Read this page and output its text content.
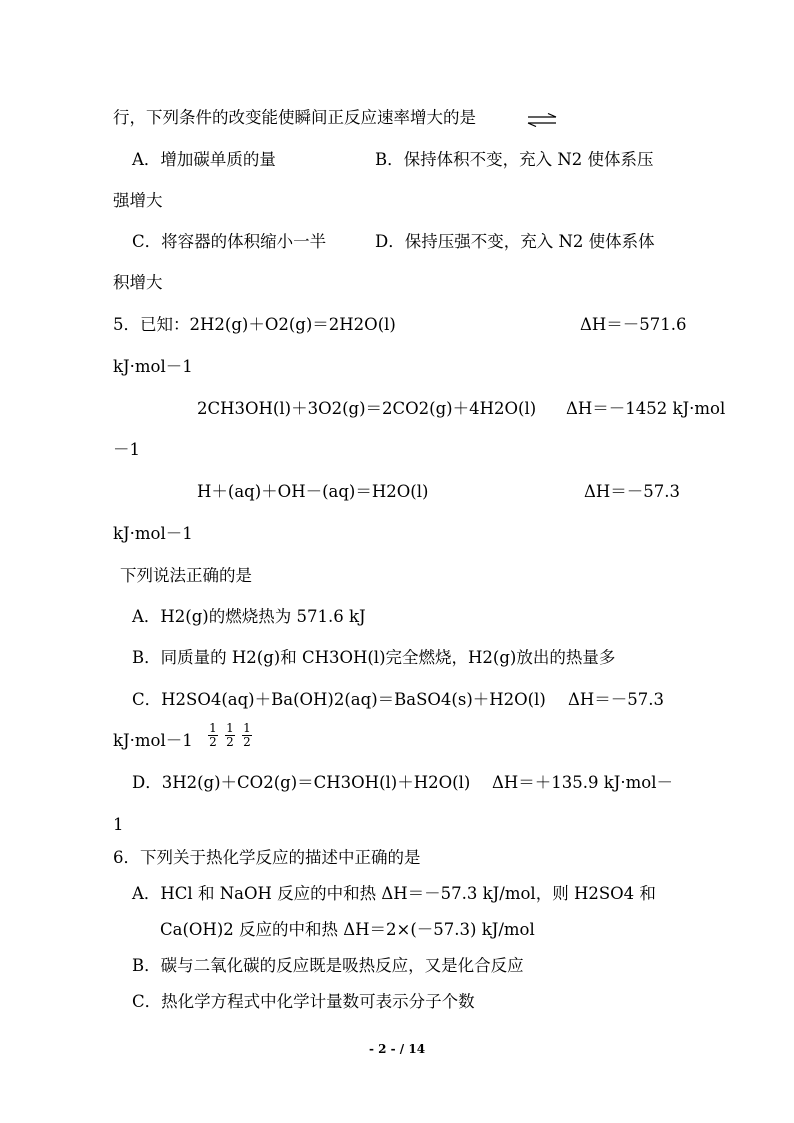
行，下列条件的改变能使瞬间正反应速率增大的是
A．增加碳单质的量	B．保持体积不变，充入 N2 使体系压
强增大
C．将容器的体积缩小一半	D．保持压强不变，充入 N2 使体系体
积增大
5．已知：2H2(g)＋O2(g)＝2H2O(l)	ΔH＝－571.6
kJ·mol－1
2CH3OH(l)＋3O2(g)＝2CO2(g)＋4H2O(l) ΔH＝－1452 kJ·mol
－1
H＋(aq)＋OH－(aq)＝H2O(l)	ΔH＝－57.3
kJ·mol－1
下列说法正确的是
A．H2(g)的燃烧热为 571.6 kJ
B．同质量的 H2(g)和 CH3OH(l)完全燃烧，H2(g)放出的热量多
C．H2SO4(aq)＋Ba(OH)2(aq)＝BaSO4(s)＋H2O(l) ΔH＝－57.3
$kJ\cdot mol-1 \frac{1}{2} \frac{1}{2} \frac{1}{2}$
D．3H2(g)＋CO2(g)＝CH3OH(l)＋H2O(l) ΔH＝＋135.9 kJ·mol－
1
6．下列关于热化学反应的描述中正确的是
A．HCl 和 NaOH 反应的中和热 ΔH＝－57.3 kJ/mol，则 H2SO4 和
Ca(OH)2 反应的中和热 ΔH＝2×(－57.3) kJ/mol
B．碳与二氧化碳的反应既是吸热反应，又是化合反应
C．热化学方程式中化学计量数可表示分子个数
- 2 - / 14
